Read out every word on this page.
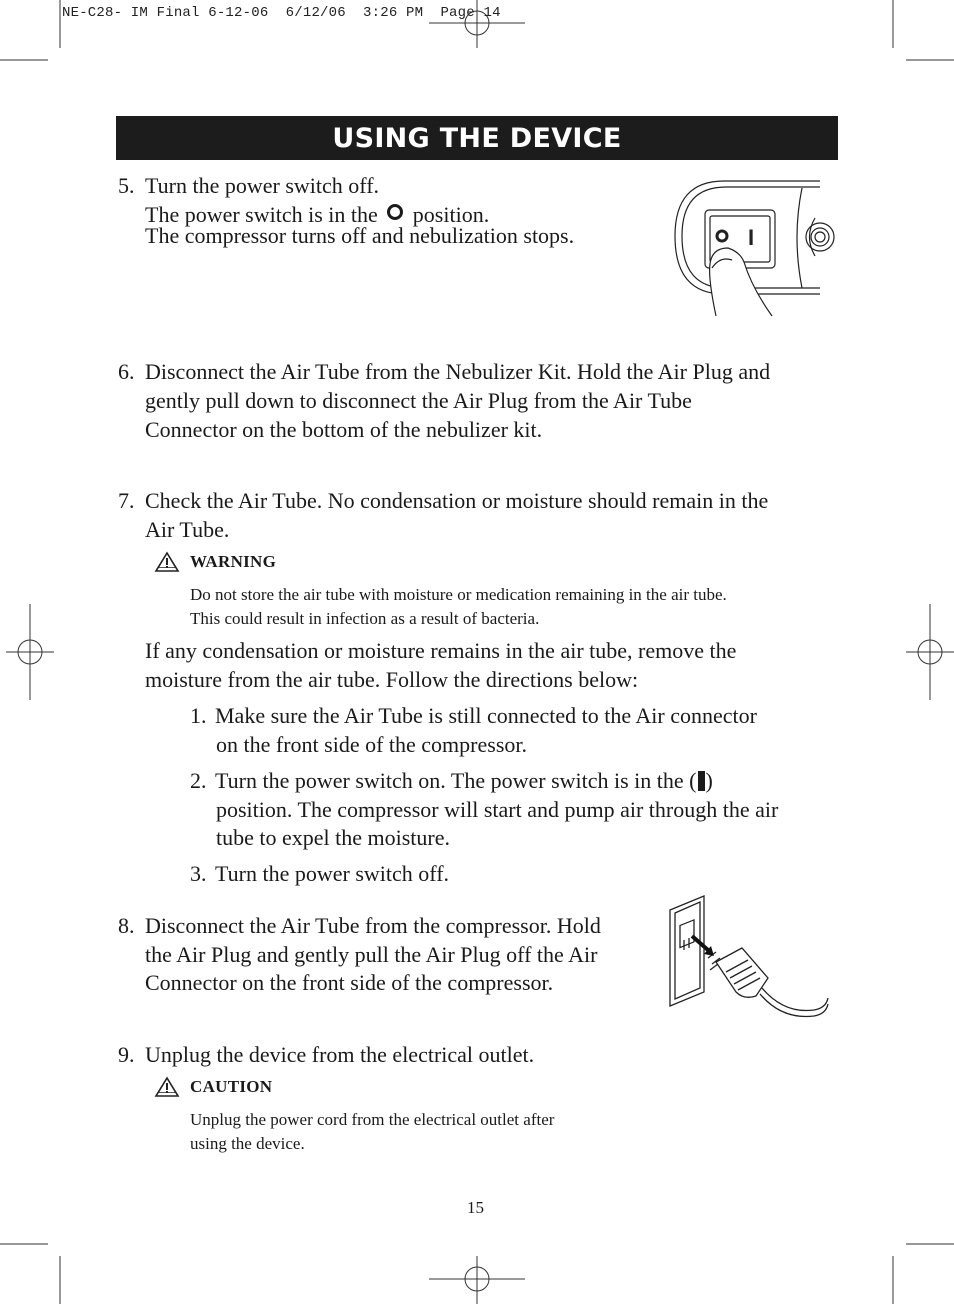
NE-C28- IM Final 6-12-06  6/12/06  3:26 PM  Page 14
USING THE DEVICE
5. Turn the power switch off.
The power switch is in the position.
The compressor turns off and nebulization stops.	I
6. Disconnect the Air Tube from the Nebulizer Kit. Hold the Air Plug and
gently pull down to disconnect the Air Plug from the Air Tube
Connector on the bottom of the nebulizer kit.
7. Check the Air Tube. No condensation or moisture should remain in the
Air Tube.
WARNING
Do not store the air tube with moisture or medication remaining in the air tube.
This could result in infection as a result of bacteria.
If any condensation or moisture remains in the air tube, remove the
moisture from the air tube. Follow the directions below:
1. Make sure the Air Tube is still connected to the Air connector
on the front side of the compressor.
2. Turn the power switch on. The power switch is in the ( )
position. The compressor will start and pump air through the air
tube to expel the moisture.
3. Turn the power switch off.
8. Disconnect the Air Tube from the compressor. Hold
the Air Plug and gently pull the Air Plug off the Air
Connector on the front side of the compressor.
9. Unplug the device from the electrical outlet.
CAUTION
Unplug the power cord from the electrical outlet after
using the device.
15
